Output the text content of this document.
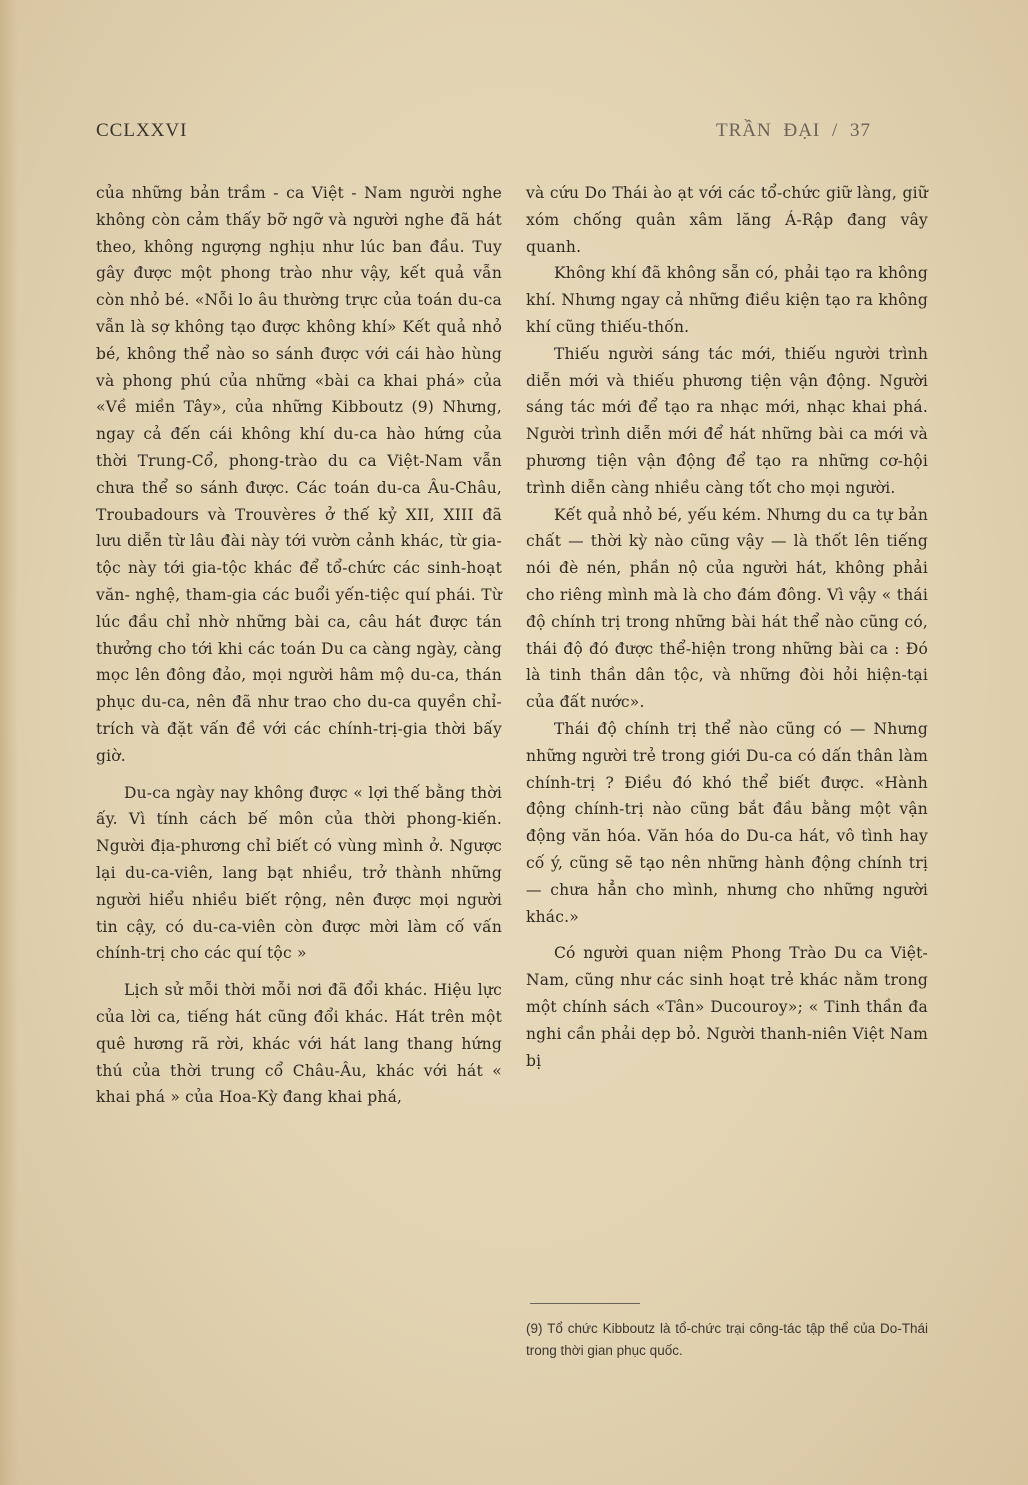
CCLXXVI	TRẦN ĐẠI / 37

của những bản trầm - ca Việt - Nam người nghe không còn cảm thấy bỡ ngỡ và người nghe đã hát theo, không ngượng nghịu như lúc ban đầu. Tuy gây được một phong trào như vậy, kết quả vẫn còn nhỏ bé. «Nỗi lo âu thường trực của toán du-ca vẫn là sợ không tạo được không khí» Kết quả nhỏ bé, không thể nào so sánh được với cái hào hùng và phong phú của những «bài ca khai phá» của «Về miền Tây», của những Kibboutz (9) Nhưng, ngay cả đến cái không khí du-ca hào hứng của thời Trung-Cổ, phong-trào du ca Việt-Nam vẫn chưa thể so sánh được. Các toán du-ca Âu-Châu, Troubadours và Trouvères ở thế kỷ XII, XIII đã lưu diễn từ lâu đài này tới vườn cảnh khác, từ gia-tộc này tới gia-tộc khác để tổ-chức các sinh-hoạt văn- nghệ, tham-gia các buổi yến-tiệc quí phái. Từ lúc đầu chỉ nhờ những bài ca, câu hát được tán thưởng cho tới khi các toán Du ca càng ngày, càng mọc lên đông đảo, mọi người hâm mộ du-ca, thán phục du-ca, nên đã như trao cho du-ca quyền chỉ-trích và đặt vấn đề với các chính-trị-gia thời bấy giờ.

Du-ca ngày nay không được « lợi thế bằng thời ấy. Vì tính cách bế môn của thời phong-kiến. Người địa-phương chỉ biết có vùng mình ở. Ngược lại du-ca-viên, lang bạt nhiều, trở thành những người hiểu nhiều biết rộng, nên được mọi người tin cậy, có du-ca-viên còn được mời làm cố vấn chính-trị cho các quí tộc »

Lịch sử mỗi thời mỗi nơi đã đổi khác. Hiệu lực của lời ca, tiếng hát cũng đổi khác. Hát trên một quê hương rã rời, khác với hát lang thang hứng thú của thời trung cổ Châu-Âu, khác với hát « khai phá » của Hoa-Kỳ đang khai phá,

và cứu Do Thái ào ạt với các tổ-chức giữ làng, giữ xóm chống quân xâm lăng Á-Rập đang vây quanh.

Không khí đã không sẵn có, phải tạo ra không khí. Nhưng ngay cả những điều kiện tạo ra không khí cũng thiếu-thốn.

Thiếu người sáng tác mới, thiếu người trình diễn mới và thiếu phương tiện vận động. Người sáng tác mới để tạo ra nhạc mới, nhạc khai phá. Người trình diễn mới để hát những bài ca mới và phương tiện vận động để tạo ra những cơ-hội trình diễn càng nhiều càng tốt cho mọi người.

Kết quả nhỏ bé, yếu kém. Nhưng du ca tự bản chất — thời kỳ nào cũng vậy — là thốt lên tiếng nói đè nén, phần nộ của người hát, không phải cho riêng mình mà là cho đám đông. Vì vậy « thái độ chính trị trong những bài hát thể nào cũng có, thái độ đó được thể-hiện trong những bài ca : Đó là tinh thần dân tộc, và những đòi hỏi hiện-tại của đất nước».

Thái độ chính trị thể nào cũng có — Nhưng những người trẻ trong giới Du-ca có dấn thân làm chính-trị ? Điều đó khó thể biết được. «Hành động chính-trị nào cũng bắt đầu bằng một vận động văn hóa. Văn hóa do Du-ca hát, vô tình hay cố ý, cũng sẽ tạo nên những hành động chính trị — chưa hẳn cho mình, nhưng cho những người khác.»

Có người quan niệm Phong Trào Du ca Việt-Nam, cũng như các sinh hoạt trẻ khác nằm trong một chính sách «Tân» Ducouroy»; « Tinh thần đa nghi cần phải dẹp bỏ. Người thanh-niên Việt Nam bị

(9) Tổ chức Kibboutz là tổ-chức trại công-tác tập thể của Do-Thái trong thời gian phục quốc.
